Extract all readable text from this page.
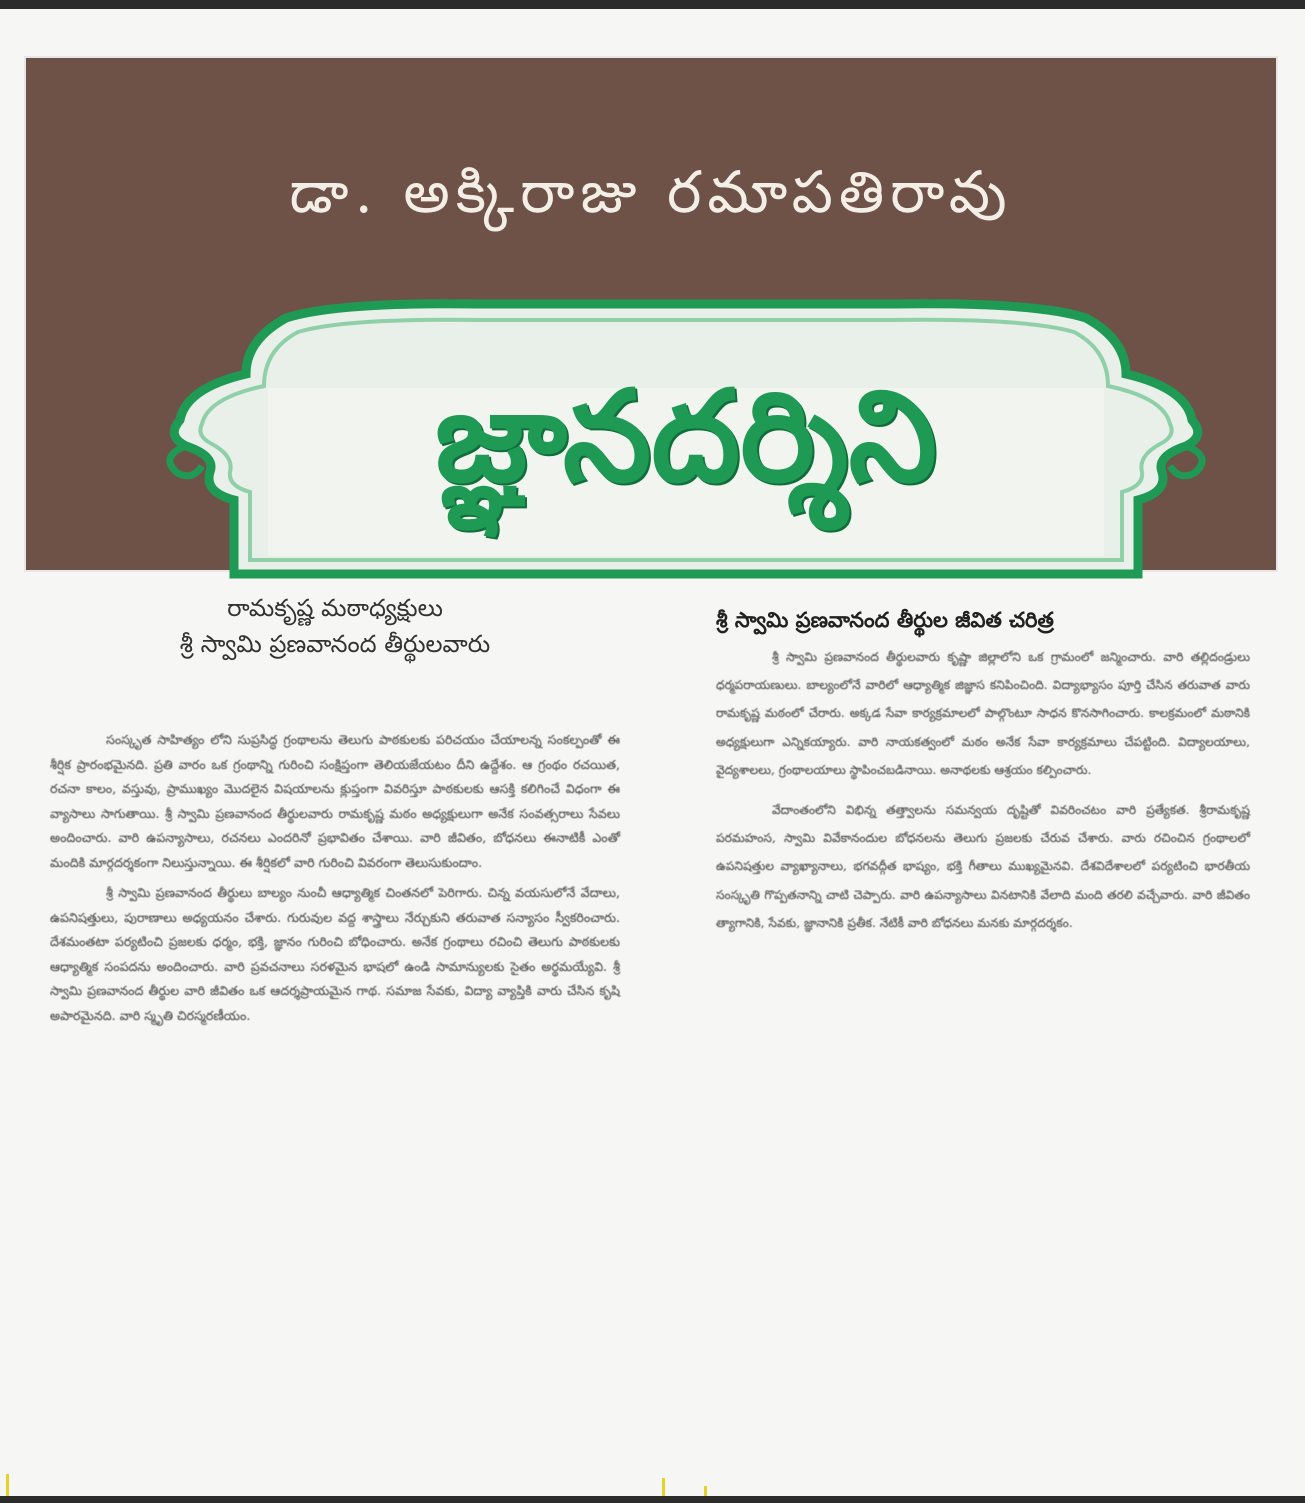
డా. అక్కిరాజు రమాపతిరావు
జ్ఞానదర్శిని

రామకృష్ణ మఠాధ్యక్షులు

శ్రీ స్వామి ప్రణవానంద తీర్థులవారు

సంస్కృత సాహిత్యం లోని సుప్రసిద్ధ గ్రంథాలను తెలుగు పాఠకులకు పరిచయం చేయాలన్న సంకల్పంతో ఈ శీర్షిక ప్రారంభమైనది. ప్రతి వారం ఒక గ్రంథాన్ని గురించి సంక్షిప్తంగా తెలియజేయటం దీని ఉద్దేశం. ఆ గ్రంథం రచయిత, రచనా కాలం, వస్తువు, ప్రాముఖ్యం మొదలైన విషయాలను క్లుప్తంగా వివరిస్తూ పాఠకులకు ఆసక్తి కలిగించే విధంగా ఈ వ్యాసాలు సాగుతాయి. శ్రీ స్వామి ప్రణవానంద తీర్థులవారు రామకృష్ణ మఠం అధ్యక్షులుగా అనేక సంవత్సరాలు సేవలు అందించారు. వారి ఉపన్యాసాలు, రచనలు ఎందరినో ప్రభావితం చేశాయి. వారి జీవితం, బోధనలు ఈనాటికీ ఎంతో మందికి మార్గదర్శకంగా నిలుస్తున్నాయి. ఈ శీర్షికలో వారి గురించి వివరంగా తెలుసుకుందాం.

శ్రీ స్వామి ప్రణవానంద తీర్థులు బాల్యం నుంచీ ఆధ్యాత్మిక చింతనలో పెరిగారు. చిన్న వయసులోనే వేదాలు, ఉపనిషత్తులు, పురాణాలు అధ్యయనం చేశారు. గురువుల వద్ద శాస్త్రాలు నేర్చుకుని తరువాత సన్యాసం స్వీకరించారు. దేశమంతటా పర్యటించి ప్రజలకు ధర్మం, భక్తి, జ్ఞానం గురించి బోధించారు. అనేక గ్రంథాలు రచించి తెలుగు పాఠకులకు ఆధ్యాత్మిక సంపదను అందించారు. వారి ప్రవచనాలు సరళమైన భాషలో ఉండి సామాన్యులకు సైతం అర్థమయ్యేవి. శ్రీ స్వామి ప్రణవానంద తీర్థుల వారి జీవితం ఒక ఆదర్శప్రాయమైన గాథ. సమాజ సేవకు, విద్యా వ్యాప్తికి వారు చేసిన కృషి అపారమైనది. వారి స్మృతి చిరస్మరణీయం.

శ్రీ స్వామి ప్రణవానంద తీర్థుల జీవిత చరిత్ర

శ్రీ స్వామి ప్రణవానంద తీర్థులవారు కృష్ణా జిల్లాలోని ఒక గ్రామంలో జన్మించారు. వారి తల్లిదండ్రులు ధర్మపరాయణులు. బాల్యంలోనే వారిలో ఆధ్యాత్మిక జిజ్ఞాస కనిపించింది. విద్యాభ్యాసం పూర్తి చేసిన తరువాత వారు రామకృష్ణ మఠంలో చేరారు. అక్కడ సేవా కార్యక్రమాలలో పాల్గొంటూ సాధన కొనసాగించారు. కాలక్రమంలో మఠానికి అధ్యక్షులుగా ఎన్నికయ్యారు. వారి నాయకత్వంలో మఠం అనేక సేవా కార్యక్రమాలు చేపట్టింది. విద్యాలయాలు, వైద్యశాలలు, గ్రంథాలయాలు స్థాపించబడినాయి. అనాథలకు ఆశ్రయం కల్పించారు.

వేదాంతంలోని విభిన్న తత్త్వాలను సమన్వయ దృష్టితో వివరించటం వారి ప్రత్యేకత. శ్రీరామకృష్ణ పరమహంస, స్వామి వివేకానందుల బోధనలను తెలుగు ప్రజలకు చేరువ చేశారు. వారు రచించిన గ్రంథాలలో ఉపనిషత్తుల వ్యాఖ్యానాలు, భగవద్గీత భాష్యం, భక్తి గీతాలు ముఖ్యమైనవి. దేశవిదేశాలలో పర్యటించి భారతీయ సంస్కృతి గొప్పతనాన్ని చాటి చెప్పారు. వారి ఉపన్యాసాలు వినటానికి వేలాది మంది తరలి వచ్చేవారు. వారి జీవితం త్యాగానికి, సేవకు, జ్ఞానానికి ప్రతీక. నేటికీ వారి బోధనలు మనకు మార్గదర్శకం.
